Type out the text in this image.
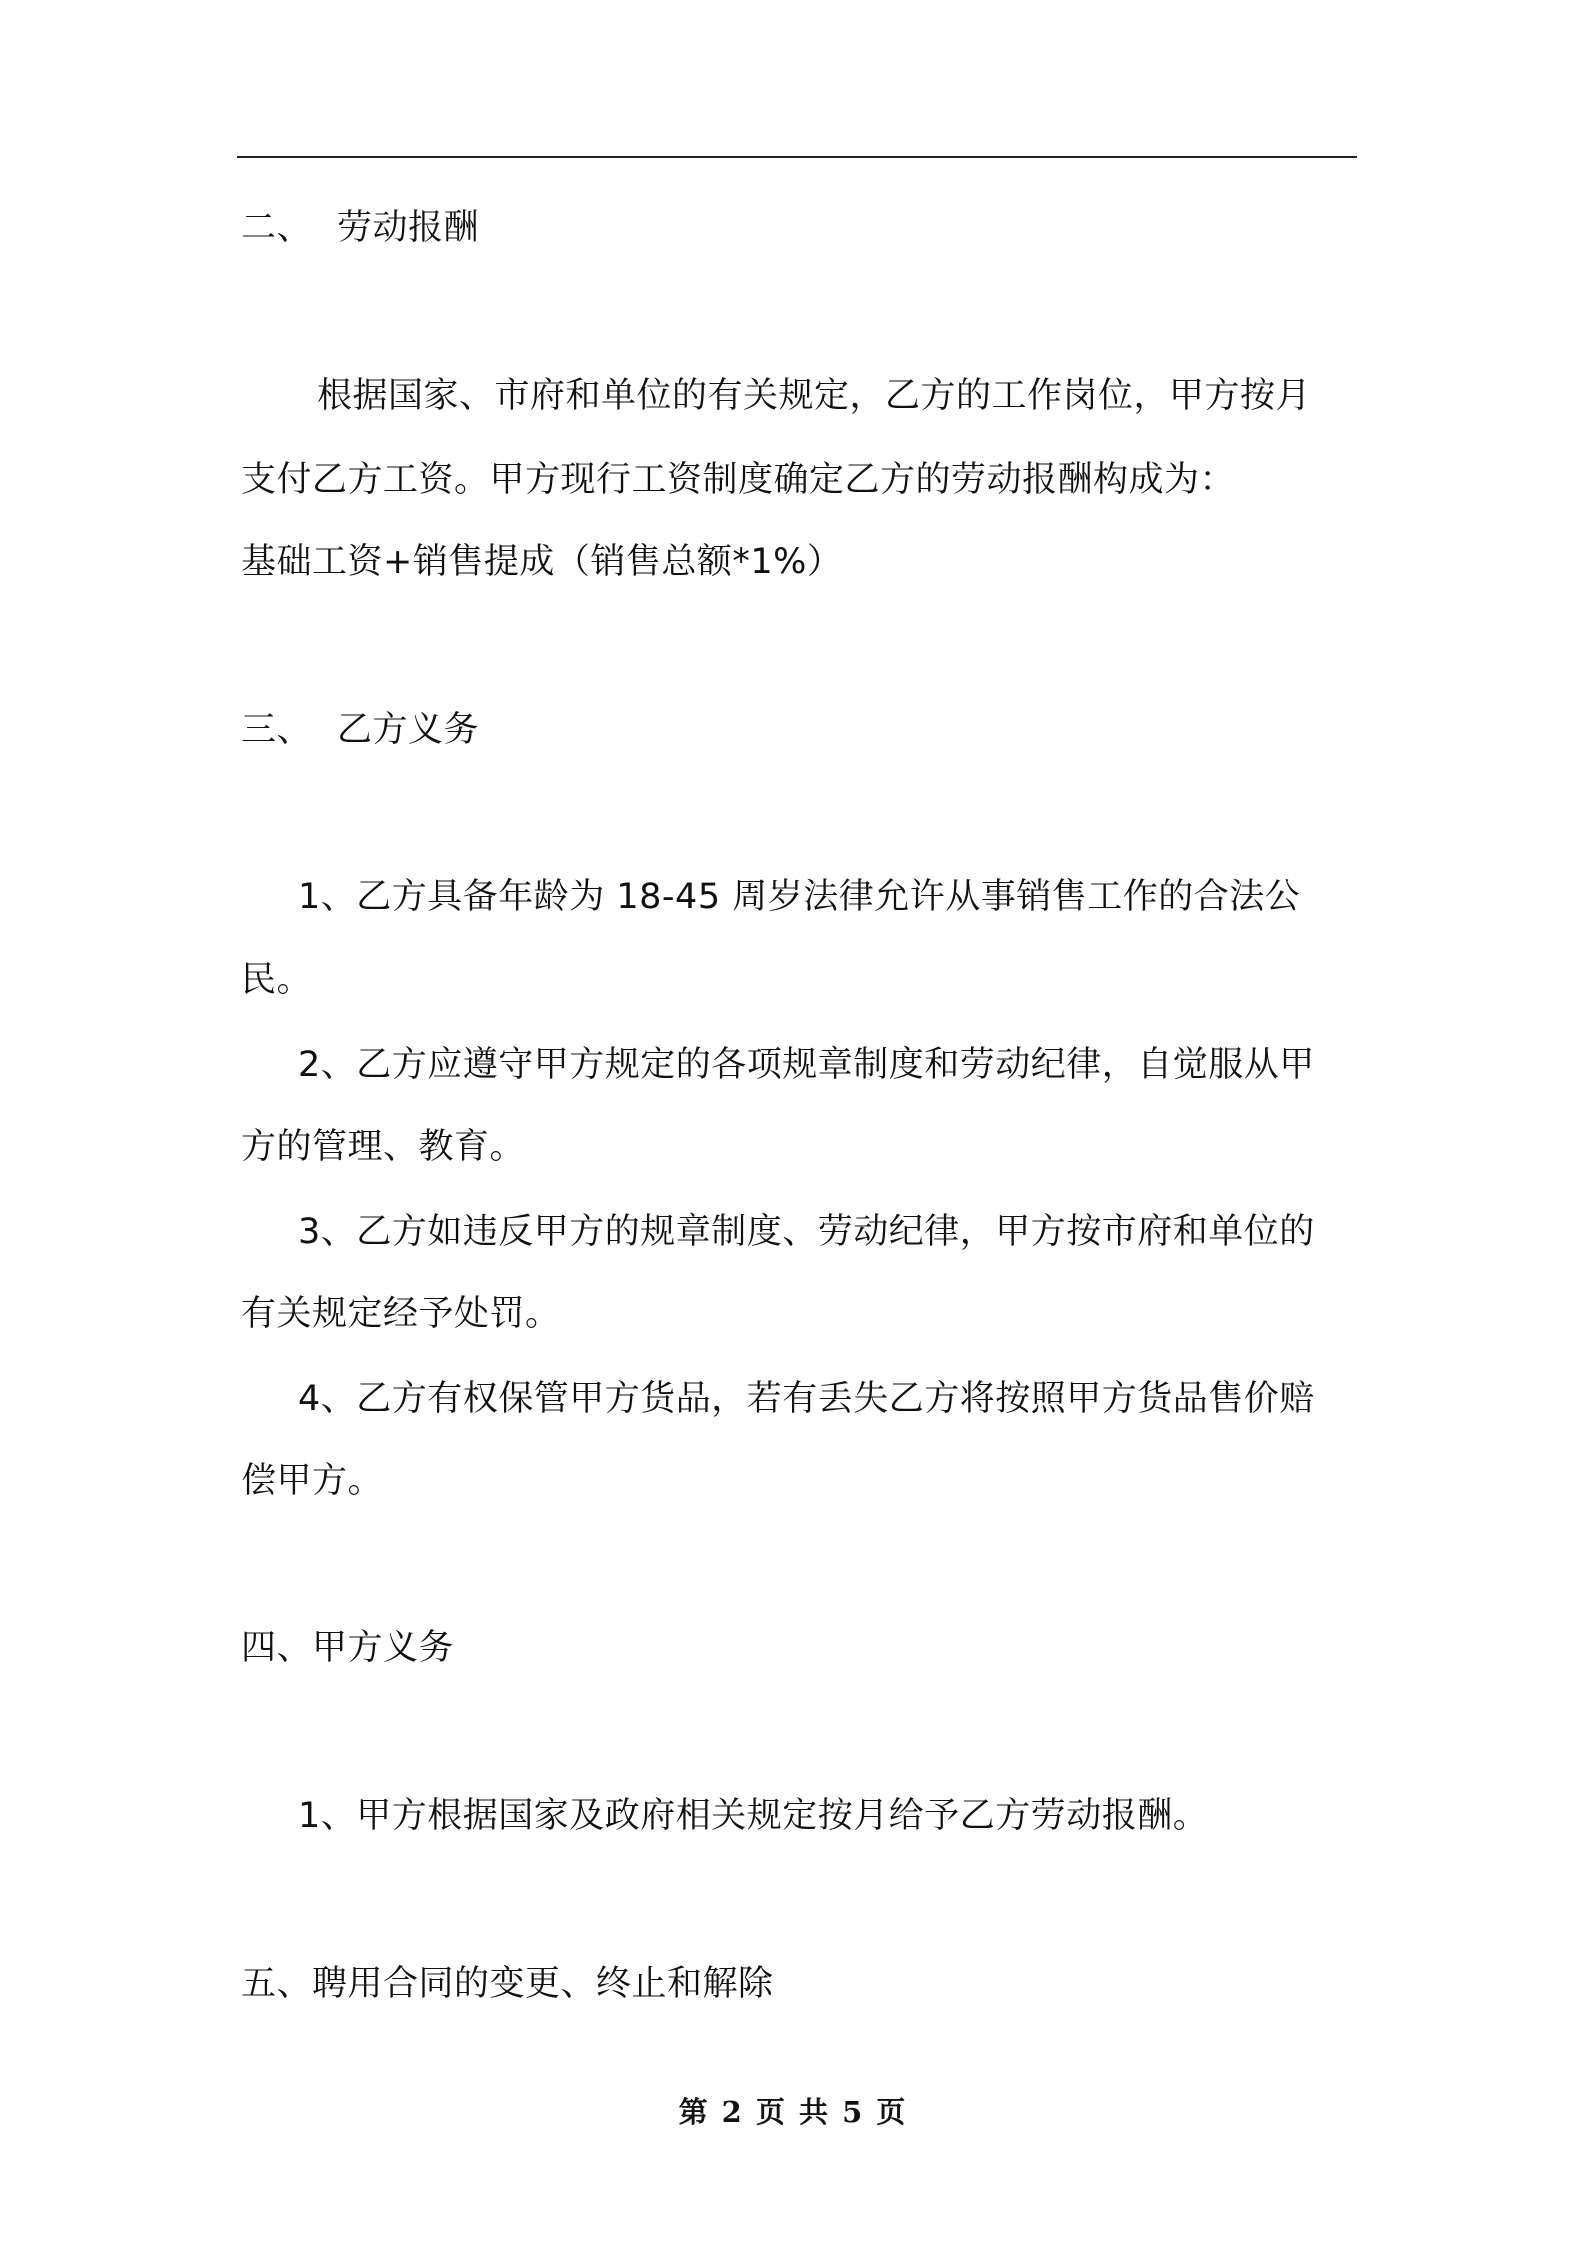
二、 劳动报酬
根据国家、市府和单位的有关规定，乙方的工作岗位，甲方按月
支付乙方工资。甲方现行工资制度确定乙方的劳动报酬构成为：
基础工资+销售提成（销售总额*1%）
三、 乙方义务
1、乙方具备年龄为 18-45 周岁法律允许从事销售工作的合法公
民。
2、乙方应遵守甲方规定的各项规章制度和劳动纪律，自觉服从甲
方的管理、教育。
3、乙方如违反甲方的规章制度、劳动纪律，甲方按市府和单位的
有关规定经予处罚。
4、乙方有权保管甲方货品，若有丢失乙方将按照甲方货品售价赔
偿甲方。
四、甲方义务
1、甲方根据国家及政府相关规定按月给予乙方劳动报酬。
五、聘用合同的变更、终止和解除
第 2 页 共 5 页
